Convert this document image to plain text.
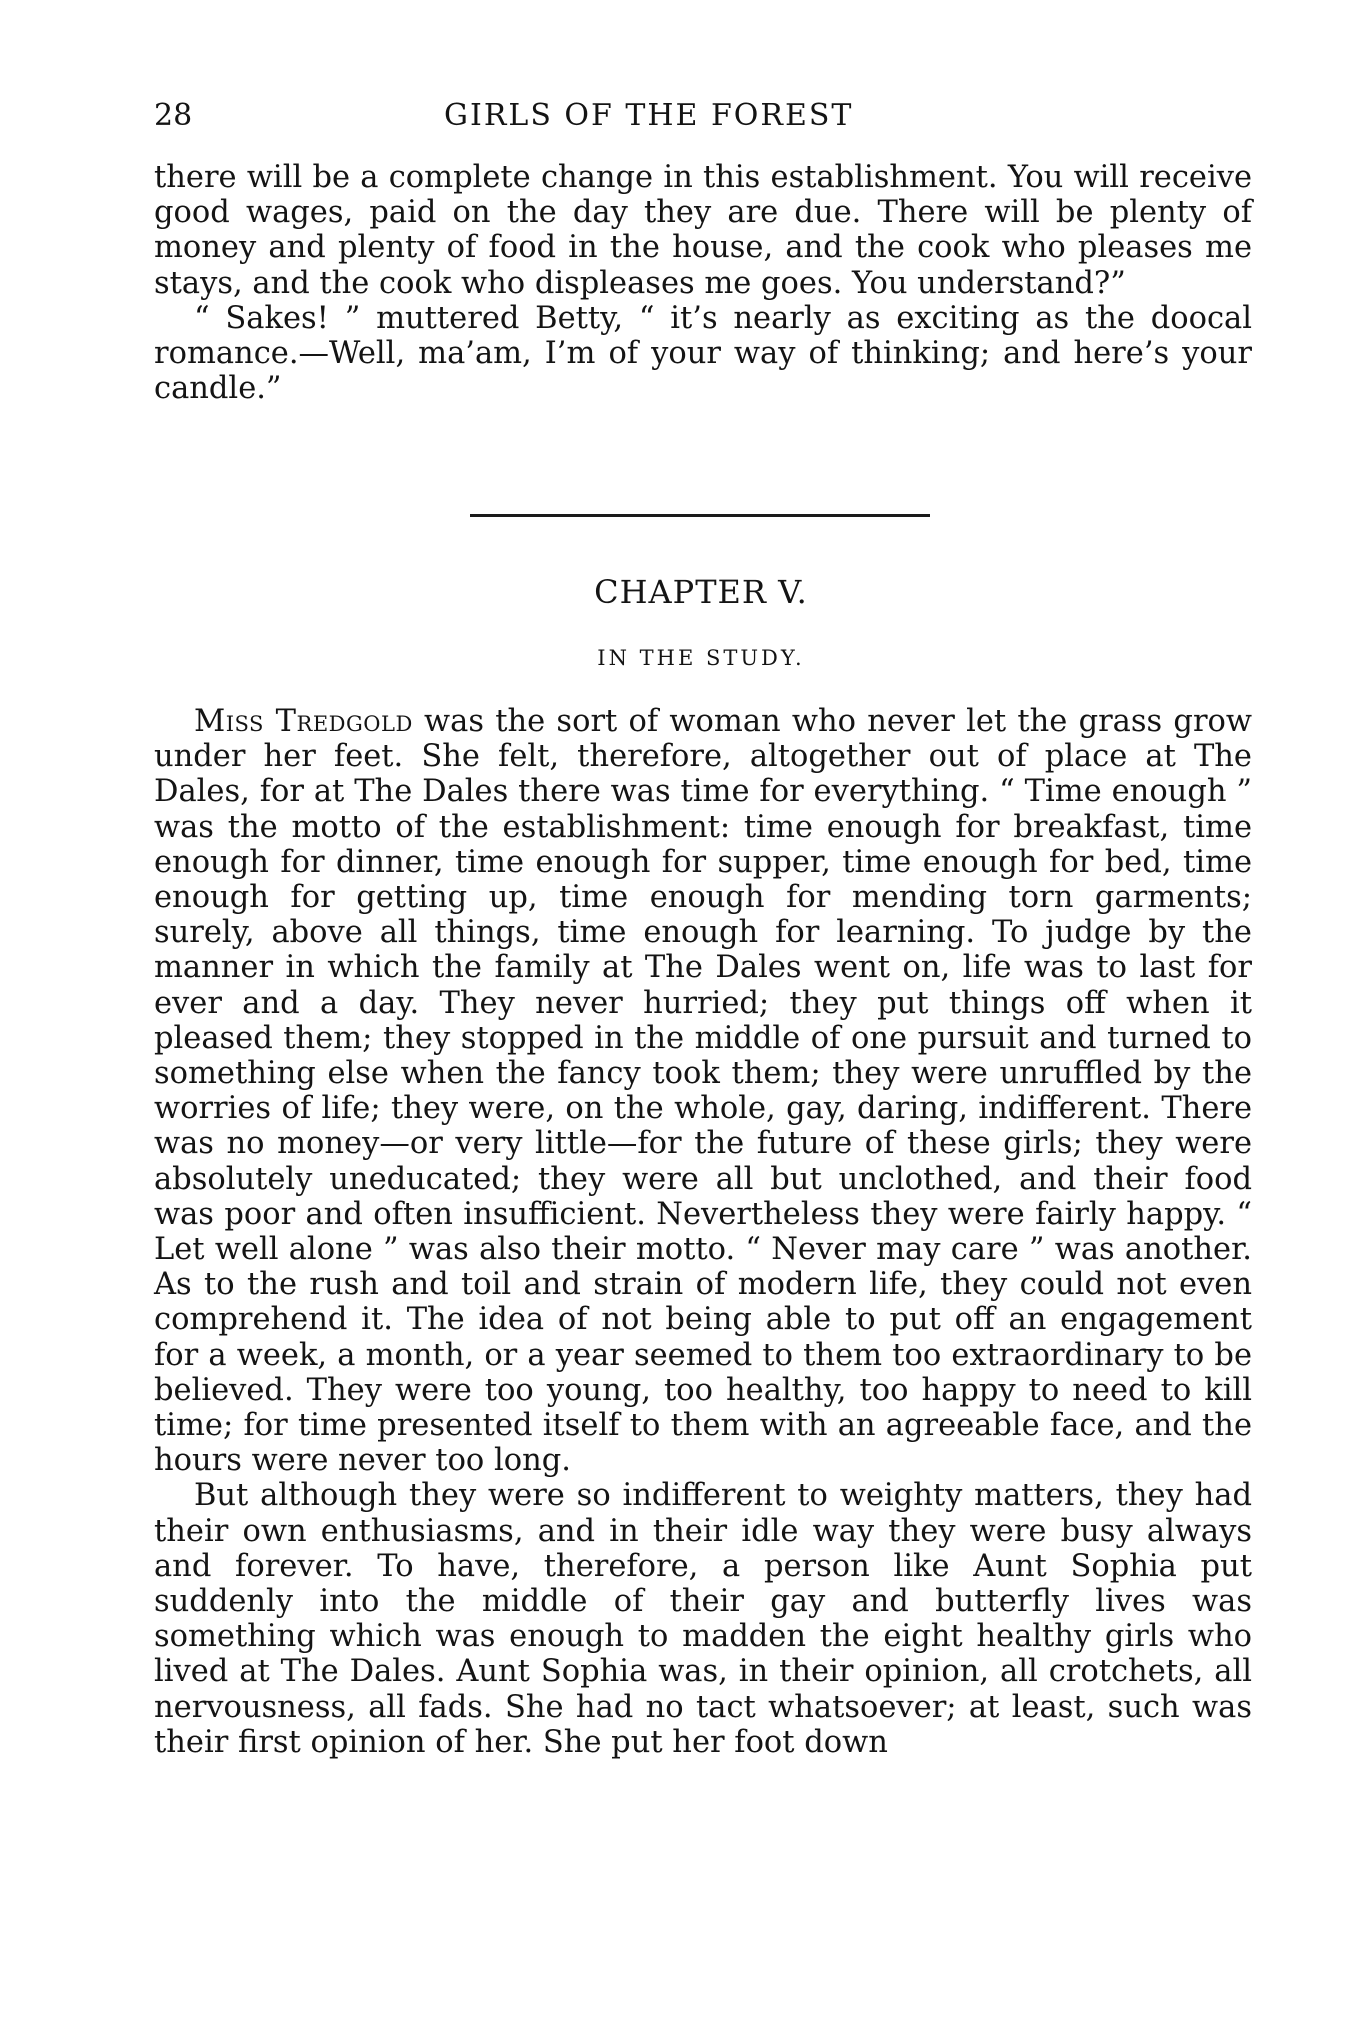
28	GIRLS OF THE FOREST

there will be a complete change in this establishment. You will receive good wages, paid on the day they are due. There will be plenty of money and plenty of food in the house, and the cook who pleases me stays, and the cook who displeases me goes. You understand?”

“ Sakes! ” muttered Betty, “ it’s nearly as exciting as the doocal romance.—Well, ma’am, I’m of your way of thinking; and here’s your candle.”

CHAPTER V.
IN THE STUDY.

Miss Tredgold was the sort of woman who never let the grass grow under her feet. She felt, therefore, altogether out of place at The Dales, for at The Dales there was time for everything. “ Time enough ” was the motto of the establishment: time enough for breakfast, time enough for dinner, time enough for supper, time enough for bed, time enough for getting up, time enough for mending torn garments; surely, above all things, time enough for learning. To judge by the manner in which the family at The Dales went on, life was to last for ever and a day. They never hurried; they put things off when it pleased them; they stopped in the middle of one pursuit and turned to something else when the fancy took them; they were unruffled by the worries of life; they were, on the whole, gay, daring, indifferent. There was no money—or very little—for the future of these girls; they were absolutely uneducated; they were all but unclothed, and their food was poor and often insufficient. Nevertheless they were fairly happy. “ Let well alone ” was also their motto. “ Never may care ” was another. As to the rush and toil and strain of modern life, they could not even comprehend it. The idea of not being able to put off an engagement for a week, a month, or a year seemed to them too extraordinary to be believed. They were too young, too healthy, too happy to need to kill time; for time presented itself to them with an agreeable face, and the hours were never too long.

But although they were so indifferent to weighty matters, they had their own enthusiasms, and in their idle way they were busy always and forever. To have, therefore, a person like Aunt Sophia put suddenly into the middle of their gay and butterfly lives was something which was enough to madden the eight healthy girls who lived at The Dales. Aunt Sophia was, in their opinion, all crotchets, all nervousness, all fads. She had no tact whatsoever; at least, such was their first opinion of her. She put her foot down
